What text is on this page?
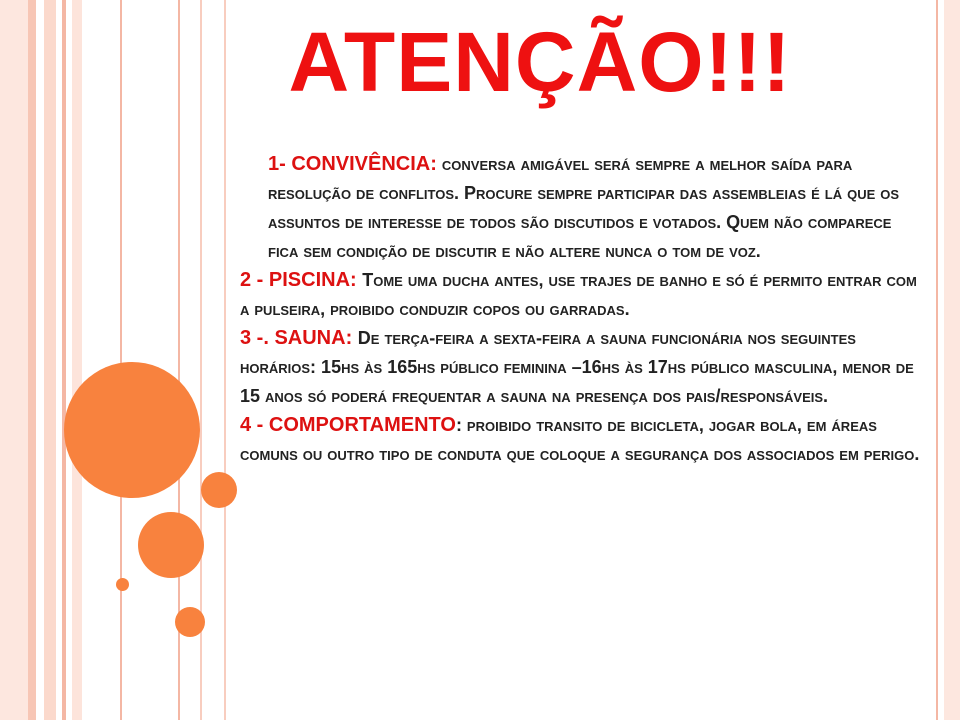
ATENÇÃO!!!

1- CONVIVÊNCIA: conversa amigável será sempre a melhor saída para resolução de conflitos. Procure sempre participar das assembleias é lá que os assuntos de interesse de todos são discutidos e votados. Quem não comparece fica sem condição de discutir e não altere nunca o tom de voz.

2 - PISCINA: Tome uma ducha antes, use trajes de banho e só é permito entrar com a pulseira, proibido conduzir copos ou garradas.

3 -. SAUNA: De terça-feira a sexta-feira a sauna funcionária nos seguintes horários: 15hs às 165hs público feminina –16hs às 17hs público masculina, menor de 15 anos só poderá frequentar a sauna na presença dos pais/responsáveis.

4 - COMPORTAMENTO: proibido transito de bicicleta, jogar bola, em áreas comuns ou outro tipo de conduta que coloque a segurança dos associados em perigo.
